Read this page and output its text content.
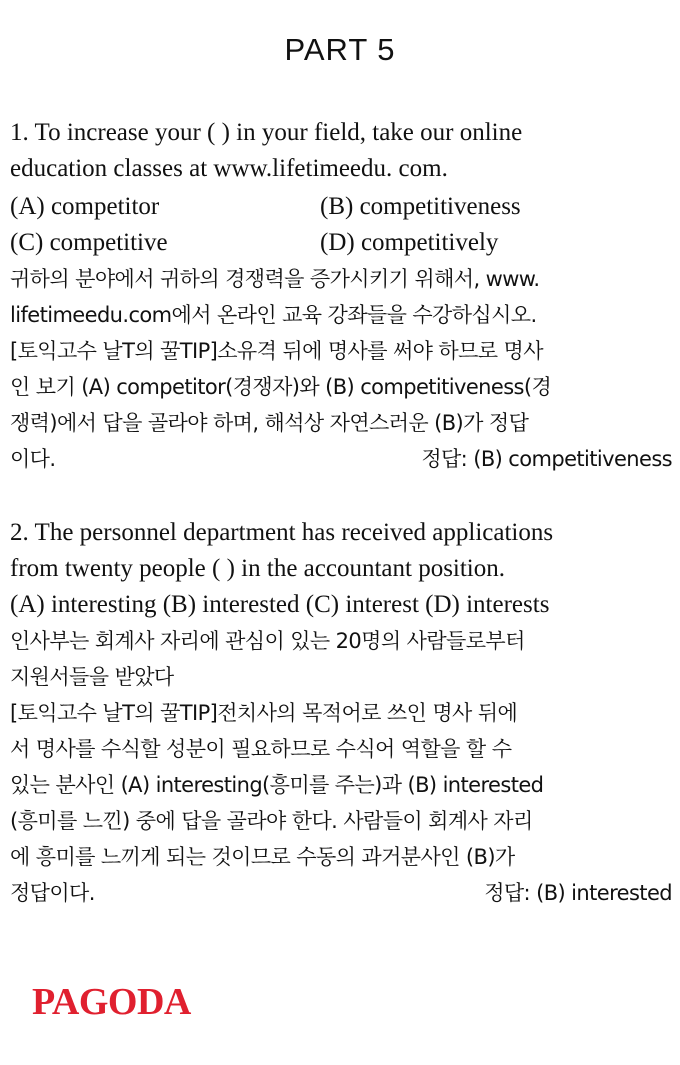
PART 5
1. To increase your ( ) in your field, take our online
education classes at www.lifetimeedu. com.
(A) competitor	(B) competitiveness
(C) competitive	(D) competitively
귀하의 분야에서 귀하의 경쟁력을 증가시키기 위해서, www.
lifetimeedu.com에서 온라인 교육 강좌들을 수강하십시오.
[토익고수 날T의 꿀TIP]소유격 뒤에 명사를 써야 하므로 명사
인 보기 (A) competitor(경쟁자)와 (B) competitiveness(경
쟁력)에서 답을 골라야 하며, 해석상 자연스러운 (B)가 정답
이다.	정답: (B) competitiveness
2. The personnel department has received applications
from twenty people ( ) in the accountant position.
(A) interesting (B) interested (C) interest (D) interests
인사부는 회계사 자리에 관심이 있는 20명의 사람들로부터
지원서들을 받았다
[토익고수 날T의 꿀TIP]전치사의 목적어로 쓰인 명사 뒤에
서 명사를 수식할 성분이 필요하므로 수식어 역할을 할 수
있는 분사인 (A) interesting(흥미를 주는)과 (B) interested
(흥미를 느낀) 중에 답을 골라야 한다. 사람들이 회계사 자리
에 흥미를 느끼게 되는 것이므로 수동의 과거분사인 (B)가
정답이다.	정답: (B) interested
PAGODA
